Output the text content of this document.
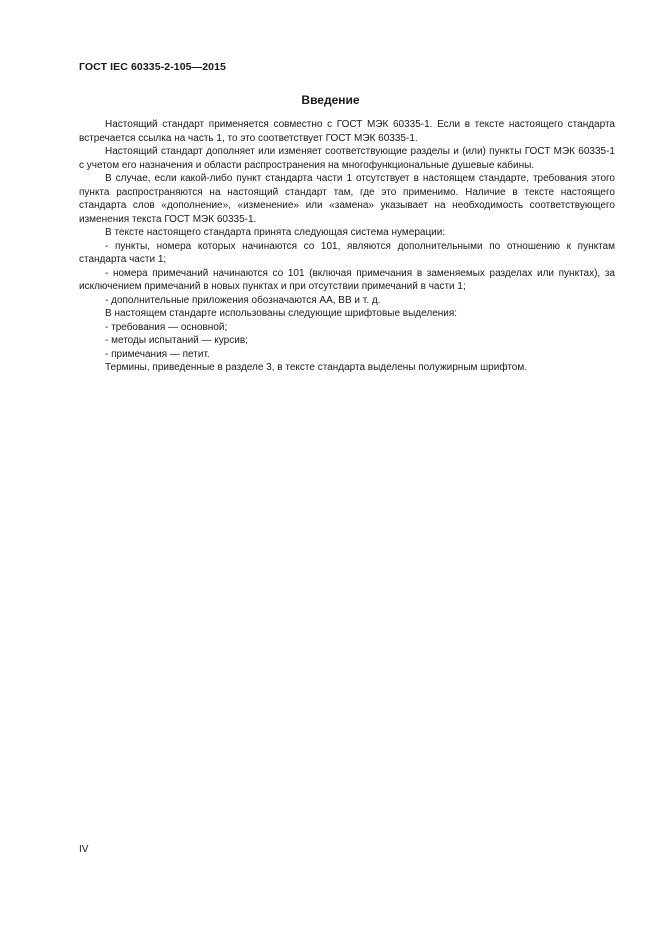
ГОСТ IEC 60335-2-105—2015
Введение

Настоящий стандарт применяется совместно с ГОСТ МЭК 60335-1. Если в тексте настоящего стандарта встречается ссылка на часть 1, то это соответствует ГОСТ МЭК 60335-1.

Настоящий стандарт дополняет или изменяет соответствующие разделы и (или) пункты ГОСТ МЭК 60335-1 с учетом его назначения и области распространения на многофункциональные душевые кабины.

В случае, если какой-либо пункт стандарта части 1 отсутствует в настоящем стандарте, требования этого пункта распространяются на настоящий стандарт там, где это применимо. Наличие в тексте настоящего стандарта слов «дополнение», «изменение» или «замена» указывает на необходимость соответствующего изменения текста ГОСТ МЭК 60335-1.

В тексте настоящего стандарта принята следующая система нумерации:

- пункты, номера которых начинаются со 101, являются дополнительными по отношению к пунктам стандарта части 1;

- номера примечаний начинаются со 101 (включая примечания в заменяемых разделах или пунктах), за исключением примечаний в новых пунктах и при отсутствии примечаний в части 1;

- дополнительные приложения обозначаются АА, ВВ и т. д.

В настоящем стандарте использованы следующие шрифтовые выделения:

- требования — основной;

- методы испытаний — курсив;

- примечания — петит.

Термины, приведенные в разделе 3, в тексте стандарта выделены полужирным шрифтом.

IV
